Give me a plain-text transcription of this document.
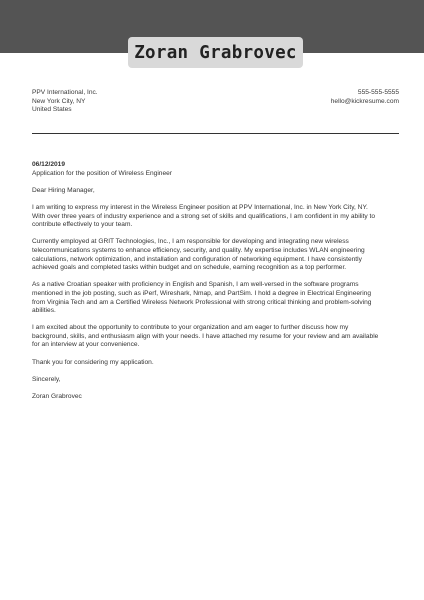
Zoran Grabrovec
PPV International, Inc.
New York City, NY
United States
555-555-5555
hello@kickresume.com
06/12/2019
Application for the position of Wireless Engineer

Dear Hiring Manager,

I am writing to express my interest in the Wireless Engineer position at PPV International, Inc. in New York City, NY.
With over three years of industry experience and a strong set of skills and qualifications, I am confident in my ability to
contribute effectively to your team.

Currently employed at GRIT Technologies, Inc., I am responsible for developing and integrating new wireless
telecommunications systems to enhance efficiency, security, and quality. My expertise includes WLAN engineering
calculations, network optimization, and installation and configuration of networking equipment. I have consistently
achieved goals and completed tasks within budget and on schedule, earning recognition as a top performer.

As a native Croatian speaker with proficiency in English and Spanish, I am well-versed in the software programs
mentioned in the job posting, such as iPerf, Wireshark, Nmap, and PartSim. I hold a degree in Electrical Engineering
from Virginia Tech and am a Certified Wireless Network Professional with strong critical thinking and problem-solving
abilities.

I am excited about the opportunity to contribute to your organization and am eager to further discuss how my
background, skills, and enthusiasm align with your needs. I have attached my resume for your review and am available
for an interview at your convenience.

Thank you for considering my application.

Sincerely,

Zoran Grabrovec
